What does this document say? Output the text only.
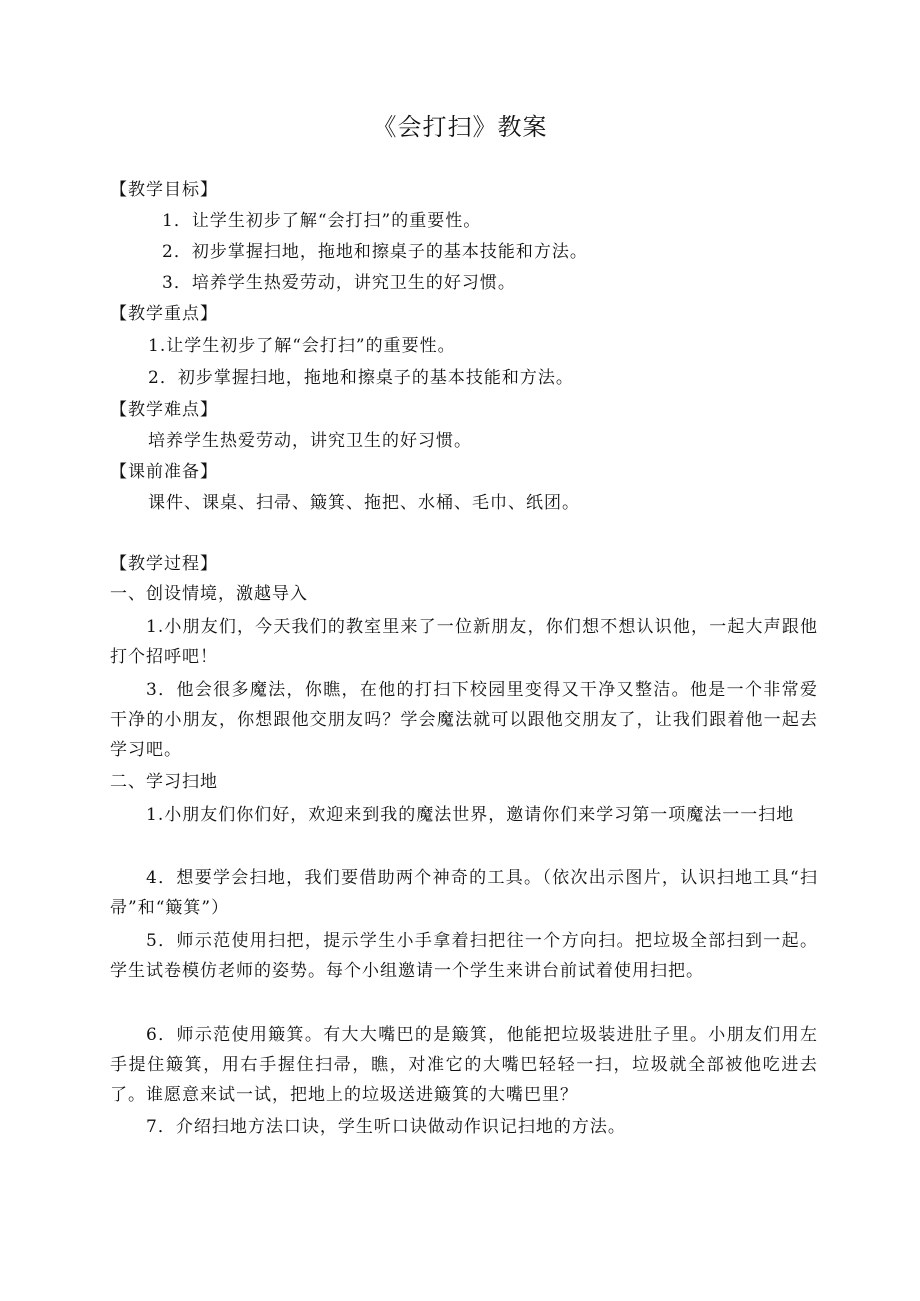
《会打扫》教案
【教学目标】
1．让学生初步了解“会打扫”的重要性。
2．初步掌握扫地，拖地和擦桌子的基本技能和方法。
3．培养学生热爱劳动，讲究卫生的好习惯。
【教学重点】
1.让学生初步了解“会打扫”的重要性。
2．初步掌握扫地，拖地和擦桌子的基本技能和方法。
【教学难点】
培养学生热爱劳动，讲究卫生的好习惯。
【课前准备】
课件、课桌、扫帚、簸箕、拖把、水桶、毛巾、纸团。
【教学过程】
一、创设情境，激越导入
1.小朋友们，今天我们的教室里来了一位新朋友，你们想不想认识他，一起大声跟他打个招呼吧！
3．他会很多魔法，你瞧，在他的打扫下校园里变得又干净又整洁。他是一个非常爱干净的小朋友，你想跟他交朋友吗？学会魔法就可以跟他交朋友了，让我们跟着他一起去学习吧。
二、学习扫地
1.小朋友们你们好，欢迎来到我的魔法世界，邀请你们来学习第一项魔法一一扫地
4．想要学会扫地，我们要借助两个神奇的工具。（依次出示图片，认识扫地工具“扫帚”和“簸箕”）
5．师示范使用扫把，提示学生小手拿着扫把往一个方向扫。把垃圾全部扫到一起。学生试卷模仿老师的姿势。每个小组邀请一个学生来讲台前试着使用扫把。
6．师示范使用簸箕。有大大嘴巴的是簸箕，他能把垃圾装进肚子里。小朋友们用左手提住簸箕，用右手握住扫帚，瞧，对准它的大嘴巴轻轻一扫，垃圾就全部被他吃进去了。谁愿意来试一试，把地上的垃圾送进簸箕的大嘴巴里？
7．介绍扫地方法口诀，学生听口诀做动作识记扫地的方法。
